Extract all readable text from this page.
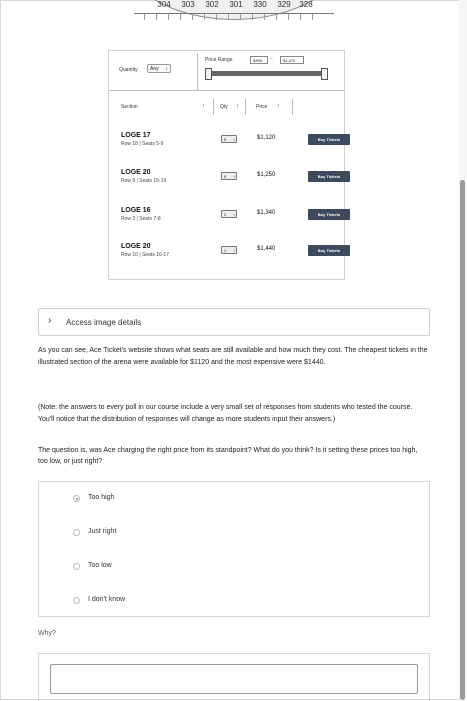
304	303	302	301	330	329	328
Quantity	Any ↕
Price Range	$399	-	$1,470
Section	↕	Qty ↕	Price ↕
LOGE 17
Row 18 | Seats 5-9
5 ↕	$1,120	Buy Tickets
LOGE 20
Row 9 | Seats 15-19
5 ↕	$1,250	Buy Tickets
LOGE 16
Row 3 | Seats 7-8
2 ↕	$1,340	Buy Tickets
LOGE 20
Row 10 | Seats 16-17
2 ↕	$1,440	Buy Tickets
› Access image details

As you can see, Ace Ticket's website shows what seats are still available and how much they cost. The cheapest tickets in the illustrated section of the arena were available for $1120 and the most expensive were $1440.

(Note: the answers to every poll in our course include a very small set of responses from students who tested the course. You'll notice that the distribution of responses will change as more students input their answers.)

The question is, was Ace charging the right price from its standpoint? What do you think? Is it setting these prices too high, too low, or just right?

Too high
Just right
Too low
I don't know
Why?
